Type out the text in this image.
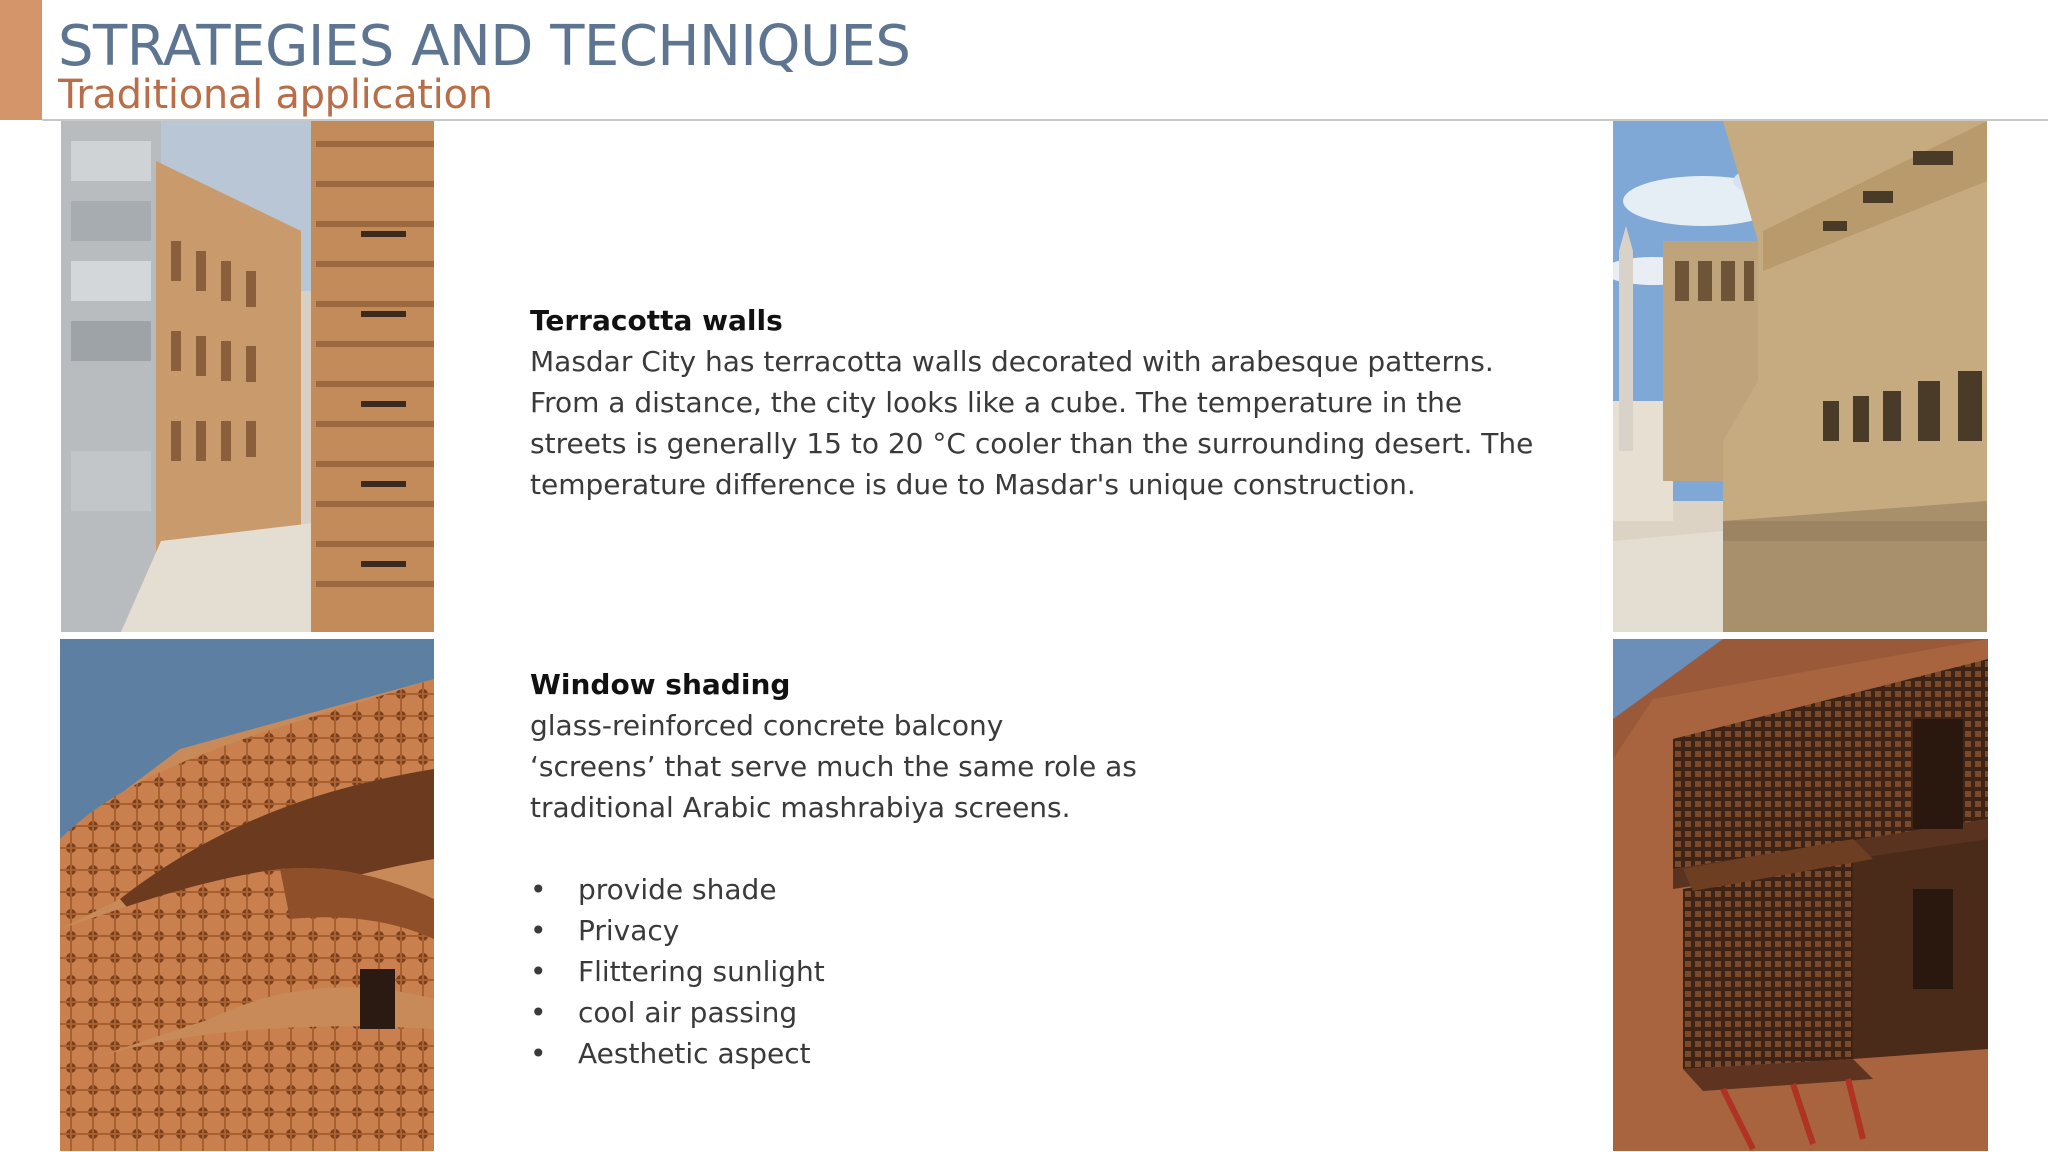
STRATEGIES AND TECHNIQUES
Traditional application

Terracotta walls

Masdar City has terracotta walls decorated with arabesque patterns.

From a distance, the city looks like a cube. The temperature in the

streets is generally 15 to 20 °C cooler than the surrounding desert. The

temperature difference is due to Masdar's unique construction.

Window shading

glass-reinforced concrete balcony

‘screens’ that serve much the same role as

traditional Arabic mashrabiya screens.

• provide shade
• Privacy
• Flittering sunlight
• cool air passing
• Aesthetic aspect
